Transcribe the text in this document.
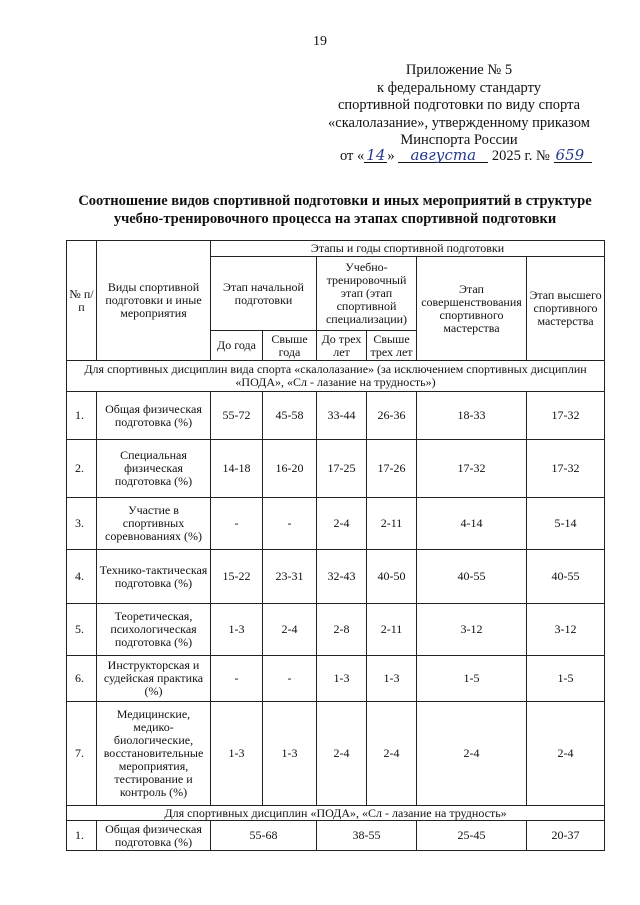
19
Приложение № 5
к федеральному стандарту
спортивной подготовки по виду спорта
«скалолазание», утвержденному приказом
Минспорта России
от « 14 » августа 2025 г. № 659
Соотношение видов спортивной подготовки и иных мероприятий в структуре
учебно-тренировочного процесса на этапах спортивной подготовки
№ п/п	Виды спортивной подготовки и иные мероприятия	Этапы и годы спортивной подготовки					
		Этап начальной подготовки		Учебно-тренировочный этап (этап спортивной специализации)		Этап совершенствования спортивного мастерства	Этап высшего спортивного мастерства
		До года	Свыше года	До трех лет	Свыше трех лет		
Для спортивных дисциплин вида спорта «скалолазание» (за исключением спортивных дисциплин «ПОДА», «Сл - лазание на трудность»)							
1.	Общая физическая подготовка (%)	55-72	45-58	33-44	26-36	18-33	17-32
2.	Специальная физическая подготовка (%)	14-18	16-20	17-25	17-26	17-32	17-32
3.	Участие в спортивных соревнованиях (%)	-	-	2-4	2-11	4-14	5-14
4.	Технико-тактическая подготовка (%)	15-22	23-31	32-43	40-50	40-55	40-55
5.	Теоретическая, психологическая подготовка (%)	1-3	2-4	2-8	2-11	3-12	3-12
6.	Инструкторская и судейская практика (%)	-	-	1-3	1-3	1-5	1-5
7.	Медицинские, медико-биологические, восстановительные мероприятия, тестирование и контроль (%)	1-3	1-3	2-4	2-4	2-4	2-4
Для спортивных дисциплин «ПОДА», «Сл - лазание на трудность»							
1.	Общая физическая подготовка (%)	55-68		38-55		25-45	20-37
